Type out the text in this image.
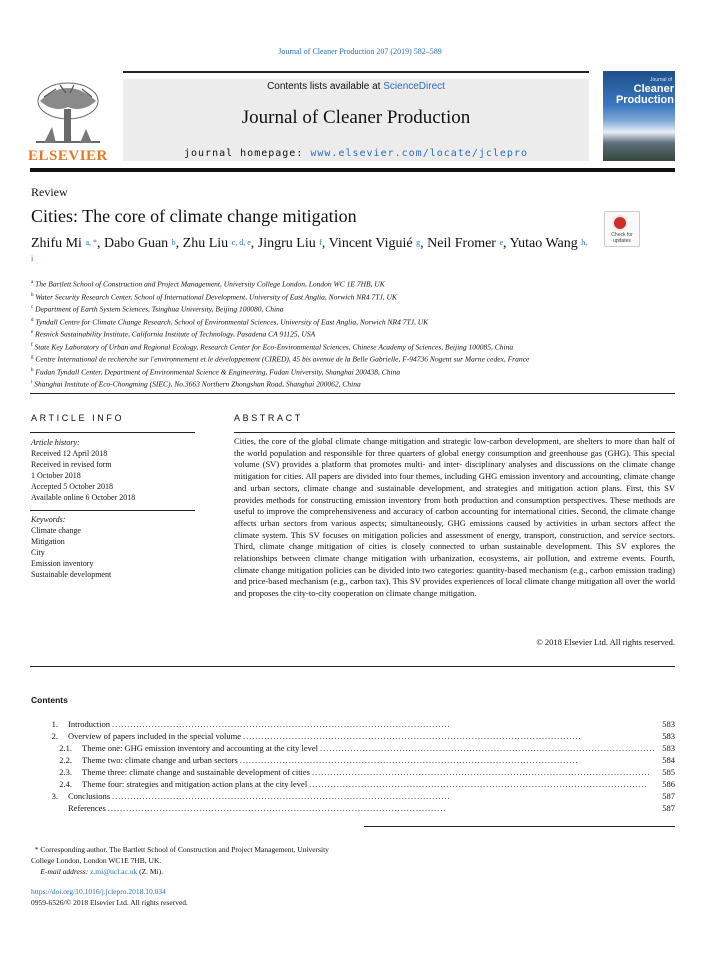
Journal of Cleaner Production 207 (2019) 582–589
ELSEVIER
Contents lists available at ScienceDirect
Journal of Cleaner Production
journal homepage: www.elsevier.com/locate/jclepro
Journal of
Cleaner
Production
Review
Cities: The core of climate change mitigation
Check for
updates
Zhifu Mi $^{a, *}$, Dabo Guan $^b$, Zhu Liu $^{c, d, e}$, Jingru Liu $^f$, Vincent Viguié $^g$, Neil Fromer $^e$, Yutao Wang $^{h, i}$
$^a$ The Bartlett School of Construction and Project Management, University College London, London WC 1E 7HB, UK
$^b$ Water Security Research Center, School of International Development, University of East Anglia, Norwich NR4 7TJ, UK
$^c$ Department of Earth System Sciences, Tsinghua University, Beijing 100080, China
$^d$ Tyndall Centre for Climate Change Research, School of Environmental Sciences, University of East Anglia, Norwich NR4 7TJ, UK
$^e$ Resnick Sustainability Institute, California Institute of Technology, Pasadena CA 91125, USA
$^f$ State Key Laboratory of Urban and Regional Ecology, Research Center for Eco-Environmental Sciences, Chinese Academy of Sciences, Beijing 100085, China
$^g$ Centre International de recherche sur l'environnement et le développement (CIRED), 45 bis avenue de la Belle Gabrielle, F-94736 Nogent sur Marne cedex, France
$^h$ Fudan Tyndall Center, Department of Environmental Science & Engineering, Fudan University, Shanghai 200438, China
$^i$ Shanghai Institute of Eco-Chongming (SIEC), No.3663 Northern Zhongshan Road, Shanghai 200062, China
ARTICLE INFO	ABSTRACT
Article history:
Received 12 April 2018
Received in revised form
1 October 2018
Accepted 5 October 2018
Available online 6 October 2018
Keywords:
Climate change
Mitigation
City
Emission inventory
Sustainable development
Cities, the core of the global climate change mitigation and strategic low-carbon development, are shelters to more than half of the world population and responsible for three quarters of global energy consumption and greenhouse gas (GHG). This special volume (SV) provides a platform that promotes multi- and inter- disciplinary analyses and discussions on the climate change mitigation for cities. All papers are divided into four themes, including GHG emission inventory and accounting, climate change and urban sectors, climate change and sustainable development, and strategies and mitigation action plans. First, this SV provides methods for constructing emission inventory from both production and consumption perspectives. These methods are useful to improve the comprehensiveness and accuracy of carbon accounting for international cities. Second, the climate change affects urban sectors from various aspects; simultaneously, GHG emissions caused by activities in urban sectors affect the climate system. This SV focuses on mitigation policies and assessment of energy, transport, construction, and service sectors. Third, climate change mitigation of cities is closely connected to urban sustainable development. This SV explores the relationships between climate change mitigation with urbanization, ecosystems, air pollution, and extreme events. Fourth, climate change mitigation policies can be divided into two categories: quantity-based mechanism (e.g., carbon emission trading) and price-based mechanism (e.g., carbon tax). This SV provides experiences of local climate change mitigation all over the world and proposes the city-to-city cooperation on climate change mitigation.
© 2018 Elsevier Ltd. All rights reserved.
Contents
1.	Introduction . . .	583
2.	Overview of papers included in the special volume . . .	583
2.1.	Theme one: GHG emission inventory and accounting at the city level . . .	583
2.2.	Theme two: climate change and urban sectors . . .	584
2.3.	Theme three: climate change and sustainable development of cities . . .	585
2.4.	Theme four: strategies and mitigation action plans at the city level . . .	586
3.	Conclusions . . .	587
References . . .	587
* Corresponding author. The Bartlett School of Construction and Project Management, University College London, London WC1E 7HB, UK.
E-mail address: z.mi@ucl.ac.uk (Z. Mi).
https://doi.org/10.1016/j.jclepro.2018.10.034
0959-6526/© 2018 Elsevier Ltd. All rights reserved.
